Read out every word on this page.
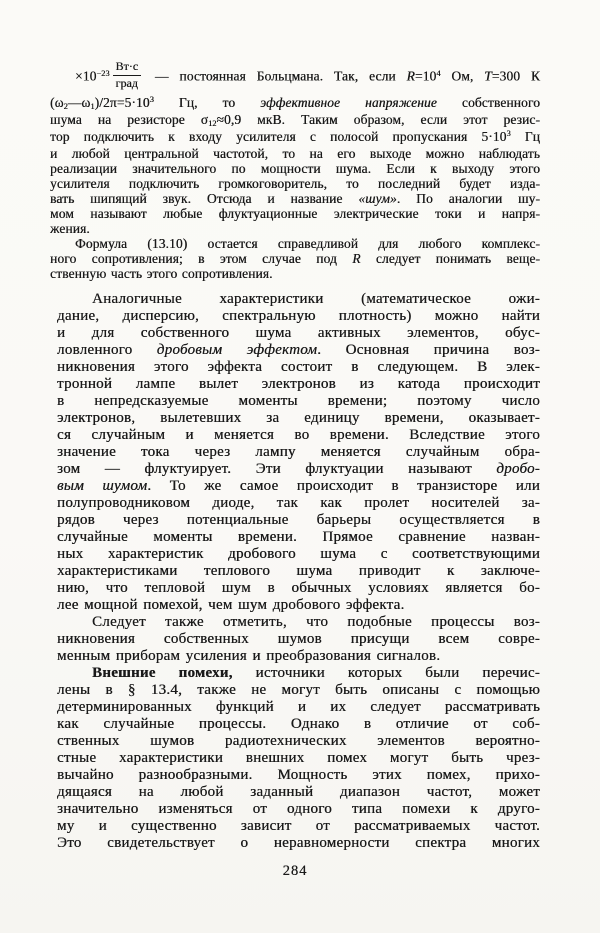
$\times 10^{-23} \frac{Вт\cdot с}{\text{град}}$ — постоянная Больцмана. Так, если $R=10^4$ Ом, T=300 К
$(\omega 2—\omega 1)/2\pi=5\cdot 10^3$ Гц, то эффективное напряжение собственного
шума на резисторе σ12≈0,9 мкВ. Таким образом, если этот резис-
тор подключить к входу усилителя с полосой пропускания $5\cdot 10^3$ Гц
и любой центральной частотой, то на его выходе можно наблюдать
реализации значительного по мощности шума. Если к выходу этого
усилителя подключить громкоговоритель, то последний будет изда-
вать шипящий звук. Отсюда и название «шум». По аналогии шу-
мом называют любые флуктуационные электрические токи и напря-
жения.
Формула (13.10) остается справедливой для любого комплекс-
ного сопротивления; в этом случае под R следует понимать веще-
ственную часть этого сопротивления.
Аналогичные характеристики (математическое ожи-
дание, дисперсию, спектральную плотность) можно найти
и для собственного шума активных элементов, обус-
ловленного дробовым эффектом. Основная причина воз-
никновения этого эффекта состоит в следующем. В элек-
тронной лампе вылет электронов из катода происходит
в непредсказуемые моменты времени; поэтому число
электронов, вылетевших за единицу времени, оказывает-
ся случайным и меняется во времени. Вследствие этого
значение тока через лампу меняется случайным обра-
зом — флуктуирует. Эти флуктуации называют дробо-
вым шумом. То же самое происходит в транзисторе или
полупроводниковом диоде, так как пролет носителей за-
рядов через потенциальные барьеры осуществляется в
случайные моменты времени. Прямое сравнение назван-
ных характеристик дробового шума с соответствующими
характеристиками теплового шума приводит к заключе-
нию, что тепловой шум в обычных условиях является бо-
лее мощной помехой, чем шум дробового эффекта.
Следует также отметить, что подобные процессы воз-
никновения собственных шумов присущи всем совре-
менным приборам усиления и преобразования сигналов.
Внешние помехи, источники которых были перечис-
лены в § 13.4, также не могут быть описаны с помощью
детерминированных функций и их следует рассматривать
как случайные процессы. Однако в отличие от соб-
ственных шумов радиотехнических элементов вероятно-
стные характеристики внешних помех могут быть чрез-
вычайно разнообразными. Мощность этих помех, прихо-
дящаяся на любой заданный диапазон частот, может
значительно изменяться от одного типа помехи к друго-
му и существенно зависит от рассматриваемых частот.
Это свидетельствует о неравномерности спектра многих
284
